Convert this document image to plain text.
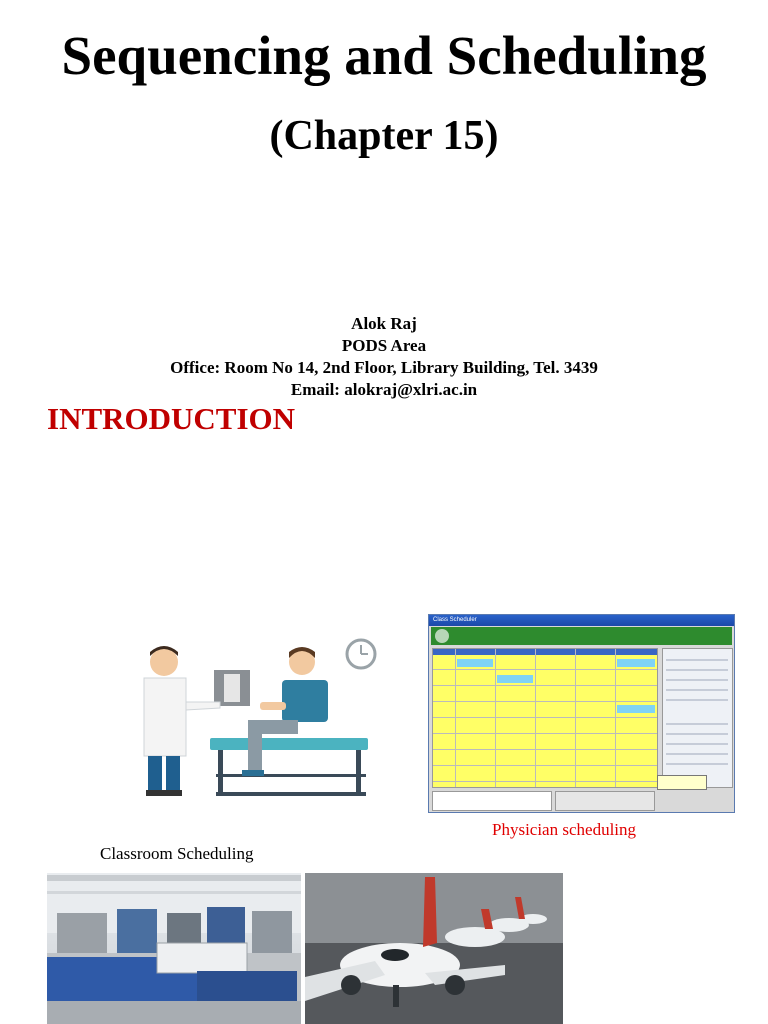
Sequencing and Scheduling
(Chapter 15)
Alok Raj
PODS Area
Office: Room No 14, 2nd Floor, Library Building, Tel. 3439
Email: alokraj@xlri.ac.in
INTRODUCTION
Class Scheduler
Physician scheduling
Classroom Scheduling
